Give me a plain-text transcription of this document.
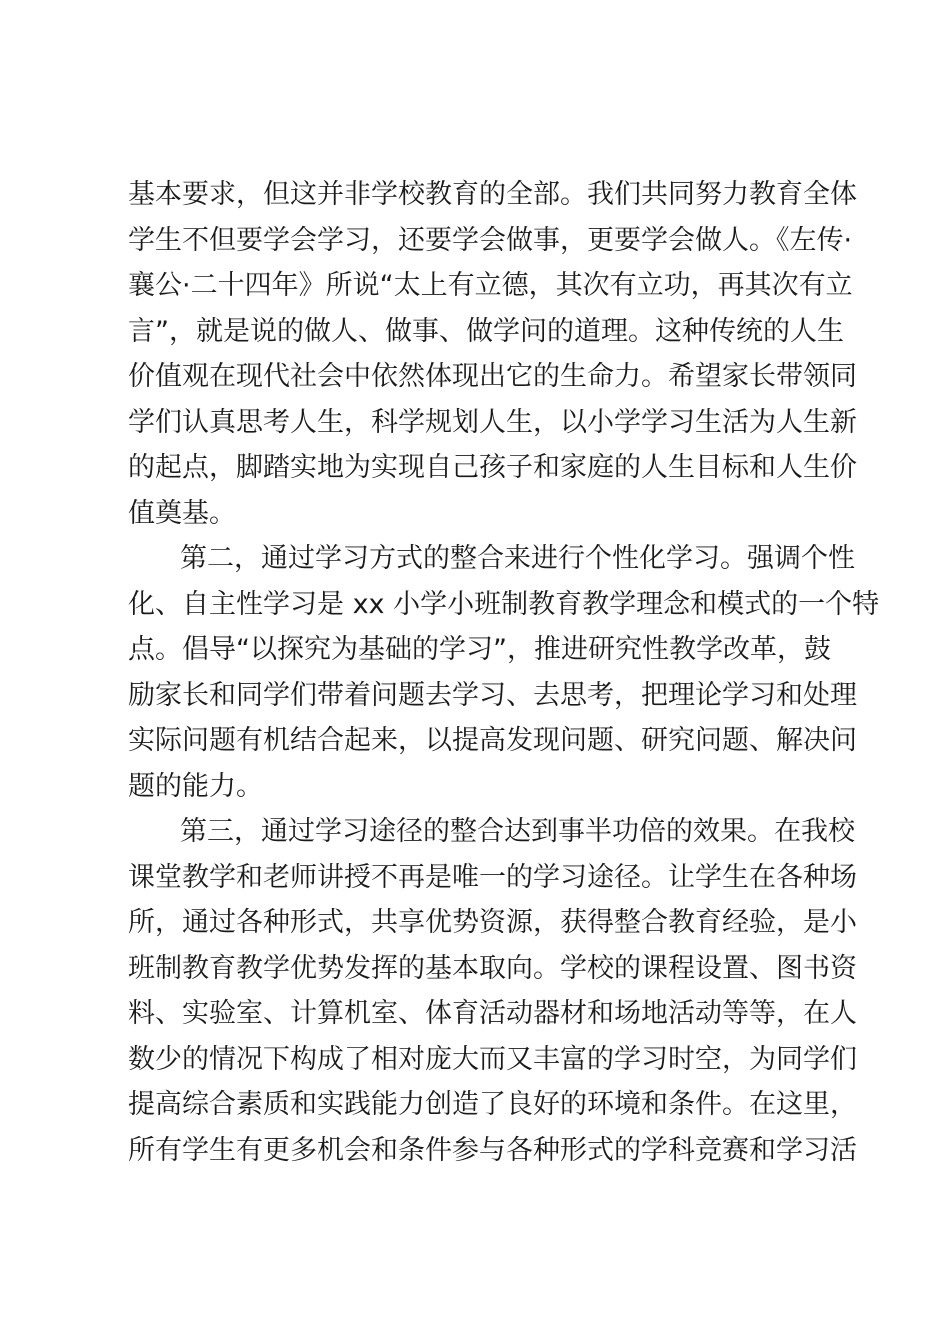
基本要求，但这并非学校教育的全部。我们共同努力教育全体
学生不但要学会学习，还要学会做事，更要学会做人。《左传·
襄公·二十四年》所说“太上有立德，其次有立功，再其次有立
言”，就是说的做人、做事、做学问的道理。这种传统的人生
价值观在现代社会中依然体现出它的生命力。希望家长带领同
学们认真思考人生，科学规划人生，以小学学习生活为人生新
的起点，脚踏实地为实现自己孩子和家庭的人生目标和人生价
值奠基。
第二，通过学习方式的整合来进行个性化学习。强调个性
化、自主性学习是 xx 小学小班制教育教学理念和模式的一个特
点。倡导“以探究为基础的学习”，推进研究性教学改革，鼓
励家长和同学们带着问题去学习、去思考，把理论学习和处理
实际问题有机结合起来，以提高发现问题、研究问题、解决问
题的能力。
第三，通过学习途径的整合达到事半功倍的效果。在我校
课堂教学和老师讲授不再是唯一的学习途径。让学生在各种场
所，通过各种形式，共享优势资源，获得整合教育经验，是小
班制教育教学优势发挥的基本取向。学校的课程设置、图书资
料、实验室、计算机室、体育活动器材和场地活动等等，在人
数少的情况下构成了相对庞大而又丰富的学习时空，为同学们
提高综合素质和实践能力创造了良好的环境和条件。在这里，
所有学生有更多机会和条件参与各种形式的学科竞赛和学习活
